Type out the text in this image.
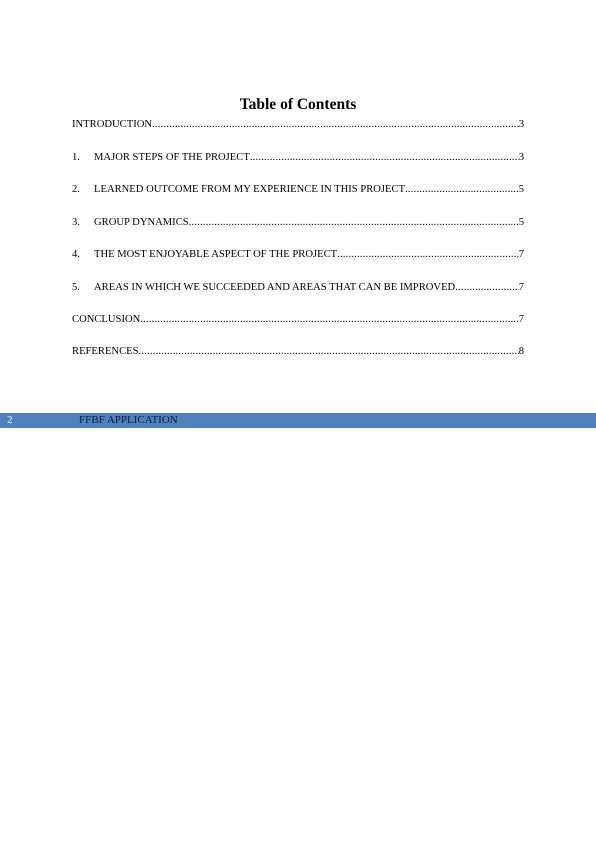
Table of Contents
INTRODUCTION .....	3
1.	MAJOR STEPS OF THE PROJECT .....	3
2.	LEARNED OUTCOME FROM MY EXPERIENCE IN THIS PROJECT .....	5
3.	GROUP DYNAMICS .....	5
4.	THE MOST ENJOYABLE ASPECT OF THE PROJECT .....	7
5.	AREAS IN WHICH WE SUCCEEDED AND AREAS THAT CAN BE IMPROVED .....	7
CONCLUSION .....	7
REFERENCES .....	8
2	FFBF APPLICATION
